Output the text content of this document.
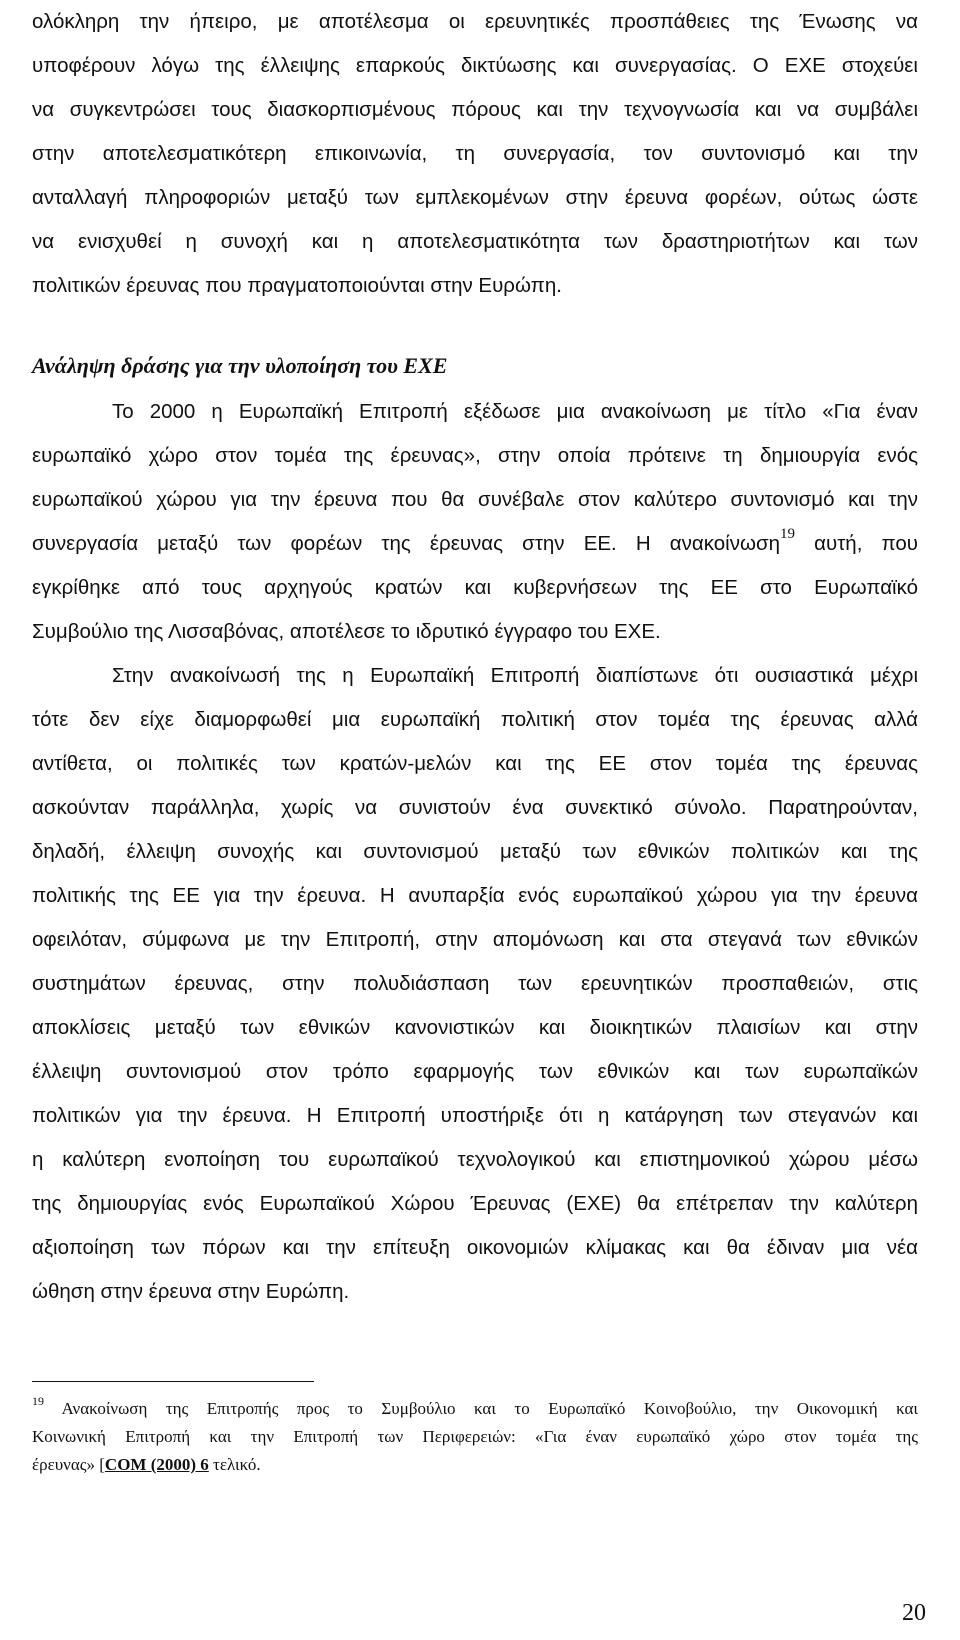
ολόκληρη την ήπειρο, με αποτέλεσμα οι ερευνητικές προσπάθειες της Ένωσης να
υποφέρουν λόγω της έλλειψης επαρκούς δικτύωσης και συνεργασίας. Ο ΕΧΕ στοχεύει
να συγκεντρώσει τους διασκορπισμένους πόρους και την τεχνογνωσία και να συμβάλει
στην αποτελεσματικότερη επικοινωνία, τη συνεργασία, τον συντονισμό και την
ανταλλαγή πληροφοριών μεταξύ των εμπλεκομένων στην έρευνα φορέων, ούτως ώστε
να ενισχυθεί η συνοχή και η αποτελεσματικότητα των δραστηριοτήτων και των
πολιτικών έρευνας που πραγματοποιούνται στην Ευρώπη.
Ανάληψη δράσης για την υλοποίηση του ΕΧΕ
Το 2000 η Ευρωπαϊκή Επιτροπή εξέδωσε μια ανακοίνωση με τίτλο «Για έναν
ευρωπαϊκό χώρο στον τομέα της έρευνας», στην οποία πρότεινε τη δημιουργία ενός
ευρωπαϊκού χώρου για την έρευνα που θα συνέβαλε στον καλύτερο συντονισμό και την
συνεργασία μεταξύ των φορέων της έρευνας στην ΕΕ. Η ανακοίνωση$^{19}$ αυτή, που
εγκρίθηκε από τους αρχηγούς κρατών και κυβερνήσεων της ΕΕ στο Ευρωπαϊκό
Συμβούλιο της Λισσαβόνας, αποτέλεσε το ιδρυτικό έγγραφο του ΕΧΕ.
Στην ανακοίνωσή της η Ευρωπαϊκή Επιτροπή διαπίστωνε ότι ουσιαστικά μέχρι
τότε δεν είχε διαμορφωθεί μια ευρωπαϊκή πολιτική στον τομέα της έρευνας αλλά
αντίθετα, οι πολιτικές των κρατών-μελών και της ΕΕ στον τομέα της έρευνας
ασκούνταν παράλληλα, χωρίς να συνιστούν ένα συνεκτικό σύνολο. Παρατηρούνταν,
δηλαδή, έλλειψη συνοχής και συντονισμού μεταξύ των εθνικών πολιτικών και της
πολιτικής της ΕΕ για την έρευνα. Η ανυπαρξία ενός ευρωπαϊκού χώρου για την έρευνα
οφειλόταν, σύμφωνα με την Επιτροπή, στην απομόνωση και στα στεγανά των εθνικών
συστημάτων έρευνας, στην πολυδιάσπαση των ερευνητικών προσπαθειών, στις
αποκλίσεις μεταξύ των εθνικών κανονιστικών και διοικητικών πλαισίων και στην
έλλειψη συντονισμού στον τρόπο εφαρμογής των εθνικών και των ευρωπαϊκών
πολιτικών για την έρευνα. Η Επιτροπή υποστήριξε ότι η κατάργηση των στεγανών και
η καλύτερη ενοποίηση του ευρωπαϊκού τεχνολογικού και επιστημονικού χώρου μέσω
της δημιουργίας ενός Ευρωπαϊκού Χώρου Έρευνας (ΕΧΕ) θα επέτρεπαν την καλύτερη
αξιοποίηση των πόρων και την επίτευξη οικονομιών κλίμακας και θα έδιναν μια νέα
ώθηση στην έρευνα στην Ευρώπη.
$^{19}$ Ανακοίνωση της Επιτροπής προς το Συμβούλιο και το Ευρωπαϊκό Κοινοβούλιο, την Οικονομική και
Κοινωνική Επιτροπή και την Επιτροπή των Περιφερειών: «Για έναν ευρωπαϊκό χώρο στον τομέα της
έρευνας» [COM (2000) 6 τελικό.
20
